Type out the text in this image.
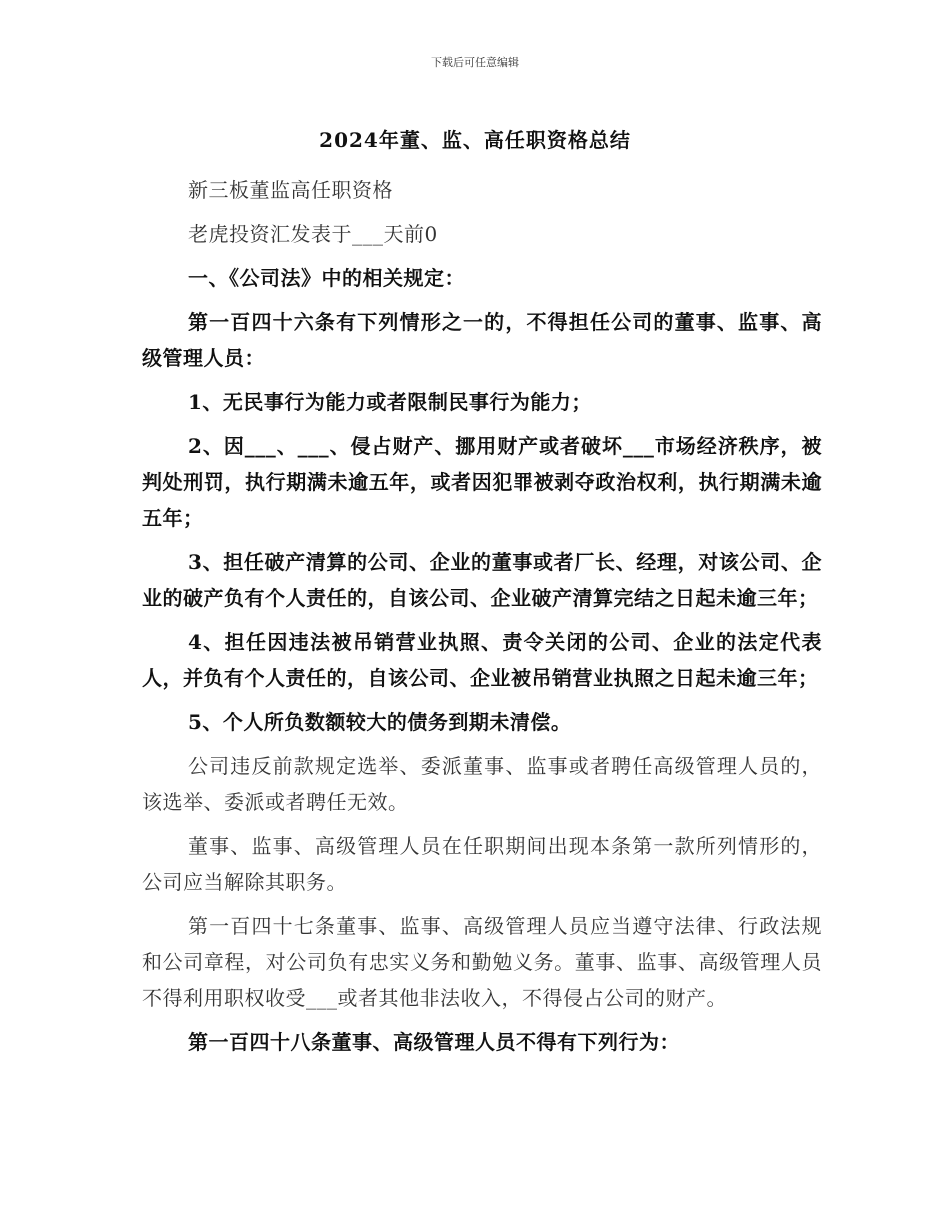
下载后可任意编辑
2024年董、监、高任职资格总结

新三板董监高任职资格

老虎投资汇发表于___天前0

一、《公司法》中的相关规定：

第一百四十六条有下列情形之一的，不得担任公司的董事、监事、高级管理人员：

1、无民事行为能力或者限制民事行为能力；

2、因___、___、侵占财产、挪用财产或者破坏___市场经济秩序，被判处刑罚，执行期满未逾五年，或者因犯罪被剥夺政治权利，执行期满未逾五年；

3、担任破产清算的公司、企业的董事或者厂长、经理，对该公司、企业的破产负有个人责任的，自该公司、企业破产清算完结之日起未逾三年；

4、担任因违法被吊销营业执照、责令关闭的公司、企业的法定代表人，并负有个人责任的，自该公司、企业被吊销营业执照之日起未逾三年；

5、个人所负数额较大的债务到期未清偿。

公司违反前款规定选举、委派董事、监事或者聘任高级管理人员的，该选举、委派或者聘任无效。

董事、监事、高级管理人员在任职期间出现本条第一款所列情形的，公司应当解除其职务。

第一百四十七条董事、监事、高级管理人员应当遵守法律、行政法规和公司章程，对公司负有忠实义务和勤勉义务。董事、监事、高级管理人员不得利用职权收受___或者其他非法收入，不得侵占公司的财产。

第一百四十八条董事、高级管理人员不得有下列行为：
